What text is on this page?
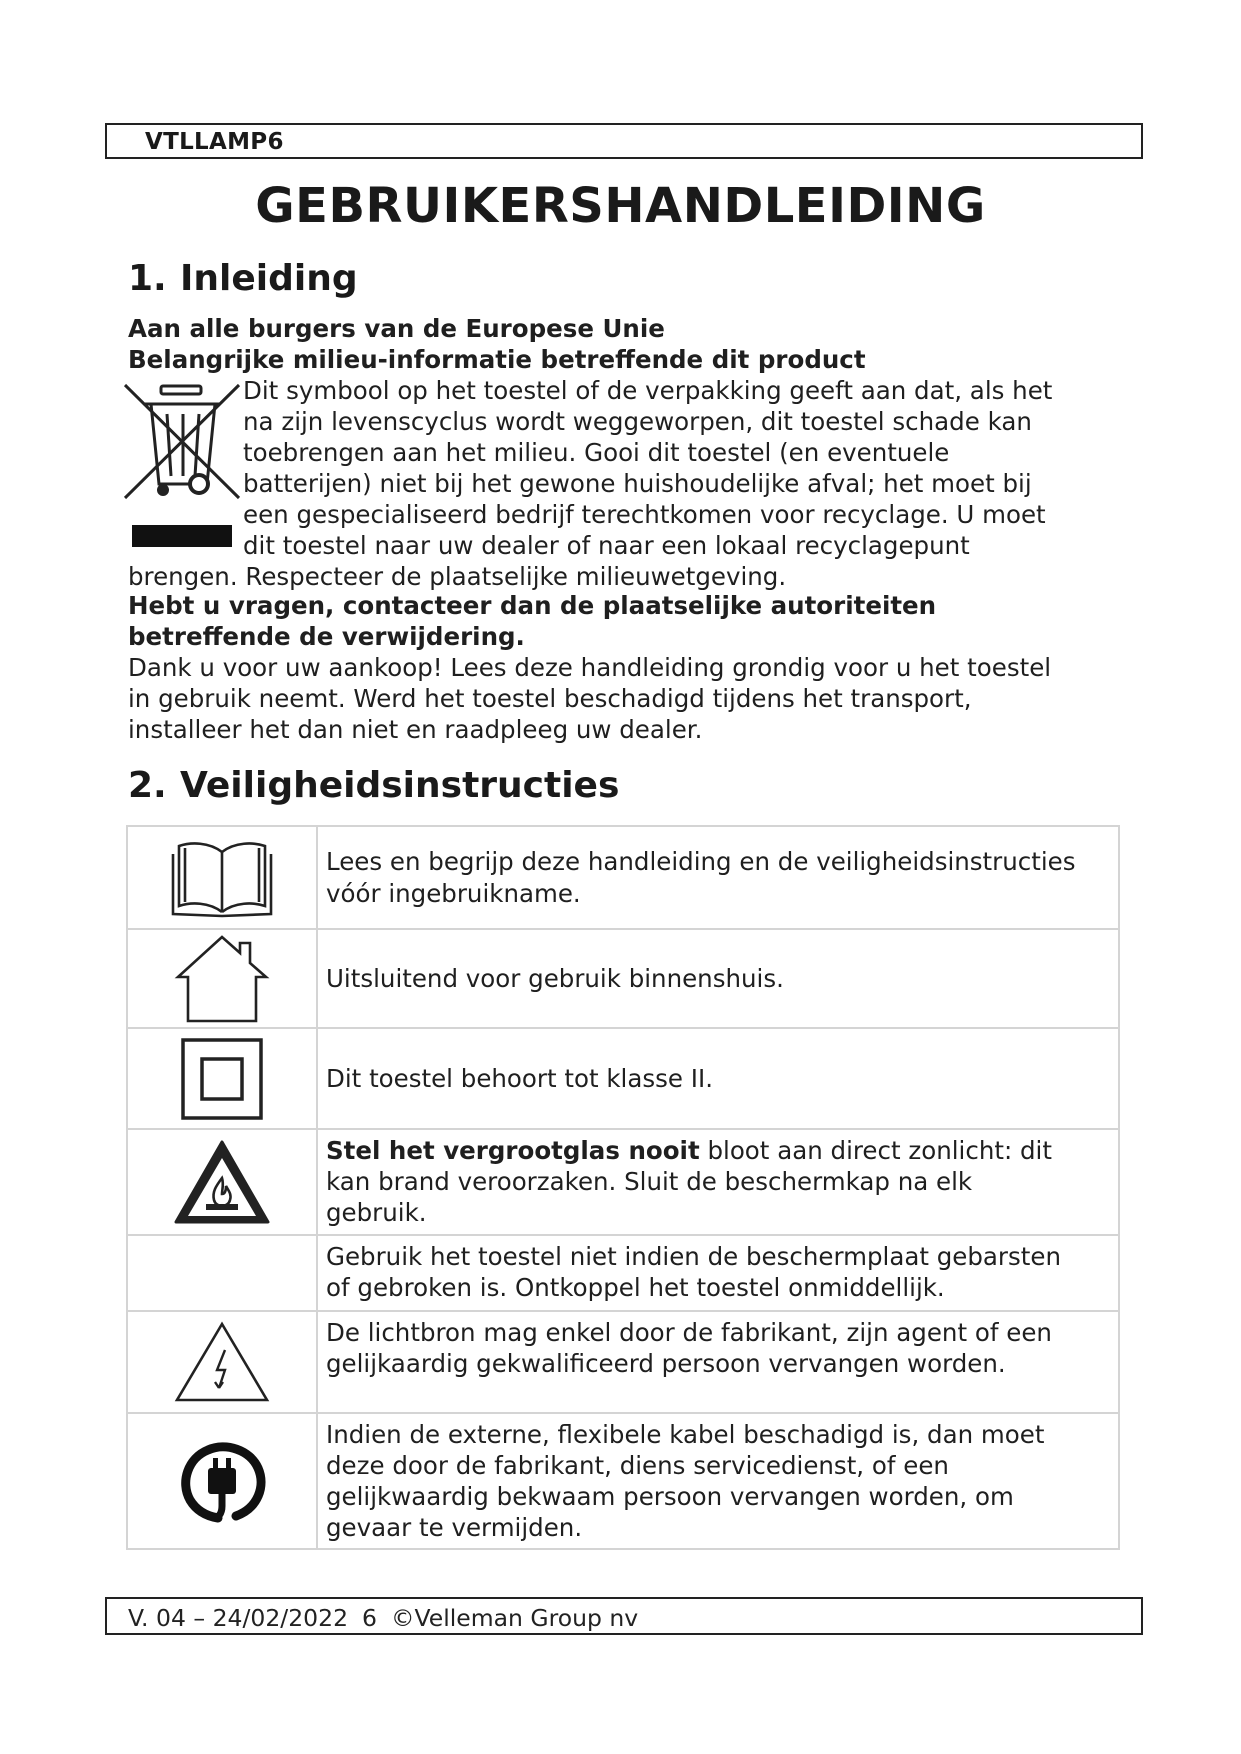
VTLLAMP6
GEBRUIKERSHANDLEIDING
1. Inleiding
Aan alle burgers van de Europese Unie
Belangrijke milieu-informatie betreffende dit product
Dit symbool op het toestel of de verpakking geeft aan dat, als het
na zijn levenscyclus wordt weggeworpen, dit toestel schade kan
toebrengen aan het milieu. Gooi dit toestel (en eventuele
batterijen) niet bij het gewone huishoudelijke afval; het moet bij
een gespecialiseerd bedrijf terechtkomen voor recyclage. U moet
dit toestel naar uw dealer of naar een lokaal recyclagepunt
brengen. Respecteer de plaatselijke milieuwetgeving.
Hebt u vragen, contacteer dan de plaatselijke autoriteiten
betreffende de verwijdering.
Dank u voor uw aankoop! Lees deze handleiding grondig voor u het toestel
in gebruik neemt. Werd het toestel beschadigd tijdens het transport,
installeer het dan niet en raadpleeg uw dealer.
2. Veiligheidsinstructies

Lees en begrijp deze handleiding en de veiligheidsinstructies
vóór ingebruikname.

Uitsluitend voor gebruik binnenshuis.

Dit toestel behoort tot klasse II.

Stel het vergrootglas nooit bloot aan direct zonlicht: dit
kan brand veroorzaken. Sluit de beschermkap na elk
gebruik.

	Gebruik het toestel niet indien de beschermplaat gebarsten
of gebroken is. Ontkoppel het toestel onmiddellijk.

De lichtbron mag enkel door de fabrikant, zijn agent of een
gelijkaardig gekwalificeerd persoon vervangen worden.

Indien de externe, flexibele kabel beschadigd is, dan moet
deze door de fabrikant, diens servicedienst, of een
gelijkwaardig bekwaam persoon vervangen worden, om
gevaar te vermijden.
V. 04 – 24/02/2022 6 ©Velleman Group nv
